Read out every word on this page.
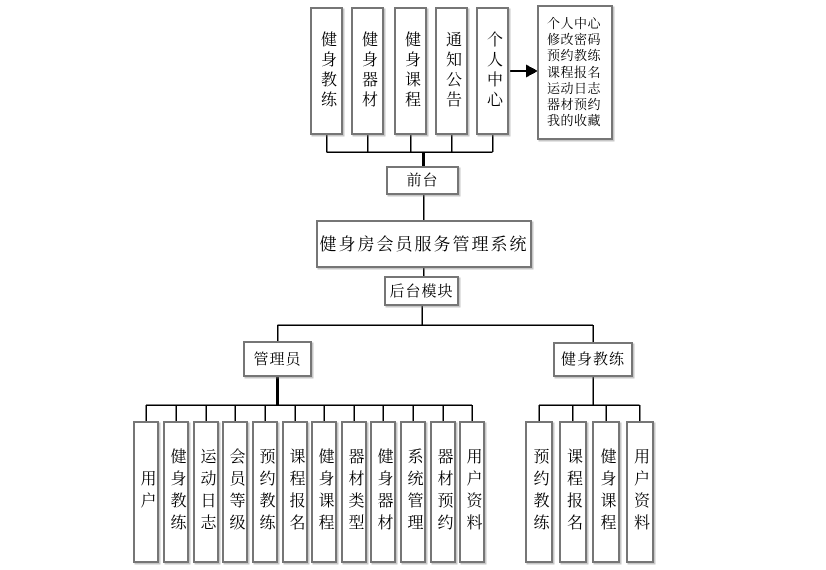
健身教练	健身器材	健身课程	通知公告	个人中心
个人中心
修改密码
预约教练
课程报名
运动日志
器材预约
我的收藏
前台
健身房会员服务管理系统
后台模块
管理员	健身教练
用户 健身教练 运动日志 会员等级 预约教练 课程报名 健身课程 器材类型 健身器材 系统管理 器材预约 用户资料	预约教练	课程报名	健身课程	用户资料
